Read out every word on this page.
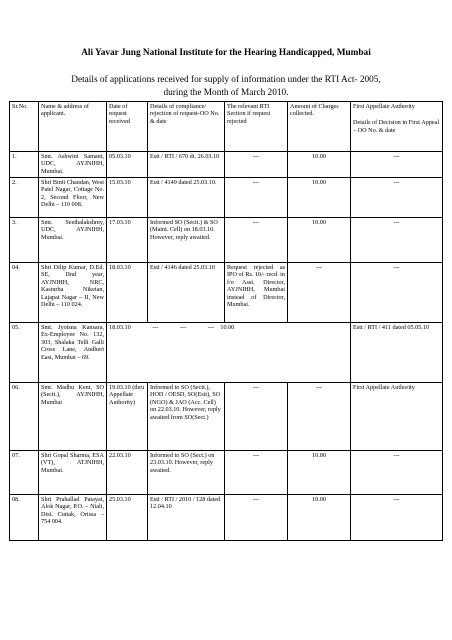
Ali Yavar Jung National Institute for the Hearing Handicapped, Mumbai
Details of applications received for supply of information under the RTI Act- 2005, during the Month of March 2010.
Sr.No.	Name & address of applicant.	Date of request received	Details of compliance/ rejection of request-OO No. & date	The relevant RTI Section if request rejected	Amount of Charges collected.	First Appellate Authority
Details of Decision in First Appeal – OO No. & date

1.	Smt. Ashwini Samant, UDC, AYJNIHH, Mumbai.	05.03.10	Estt / RTI / 670 dt. 26.03.10	---	10.00	---
2.	Shri Binit Chandan, West Patel Nagar, Cottage No. 2, Second Floor, New Delhi – 110 008.	15.03.10	Estt / 4149 dated 25.03.10.	---	10.00	---
3.	Smt. Seethalakshmy, UDC, AYJNIHH, Mumbai.	17.03.10	Informed SO (Sectt.) & SO (Maint. Cell) on 18.03.10. However, reply awaited.	---	10.00	---
04.	Shri Dilip Kumar, D.Ed. SE, IInd year, AYJNIHH, NRC, Kasturba Niketan, Lajapat Nagar – II, New Delhi – 110 024.	18.03.10	Estt / 4146 dated 25.03.10	Request rejected as IPO of Rs. 10/- recd. in f/o Asst. Director, AYJNIHH, Mumbai instead of Director, Mumbai.	---	---
05.	Smt. Jyotsna Kansara, Ex-Employee No. 132, 303, Shalaka Telli Galli Cross Lane, Andheri East, Mumbai – 69.	18.03.10              ---              ---              ---    10.00				Estt / RTI / 411 dated 05.05.10
06.	Smt. Madhu Kent, SO (Sectt.), AYJNIHH, Mumbai	19.03.10 (thru Appellate Authority)	Informed to SO (Sectt.), HOD / OESD, SO(Estt), SO (NGO) & JAO (Acc. Cell) on 22.03.10. However, reply awaited from SO(Sect.)	---	---	First Appellate Authority
07.	Shri Gopal Sharma, ESA (VT), ATJNIHH, Mumbai.	22.03.10	Informed to SO (Sect.) on 23.03.10. However, reply awaited.	---	10.00	---
08.	Shri Prahallad Patayat, Alok Nagar, P.O. – Niali, Dist. Cuttak, Orissa – 754 004.	25.03.10	Estt / RTI / 2010 / 128 dated 12.04.10	---	10.00	---
